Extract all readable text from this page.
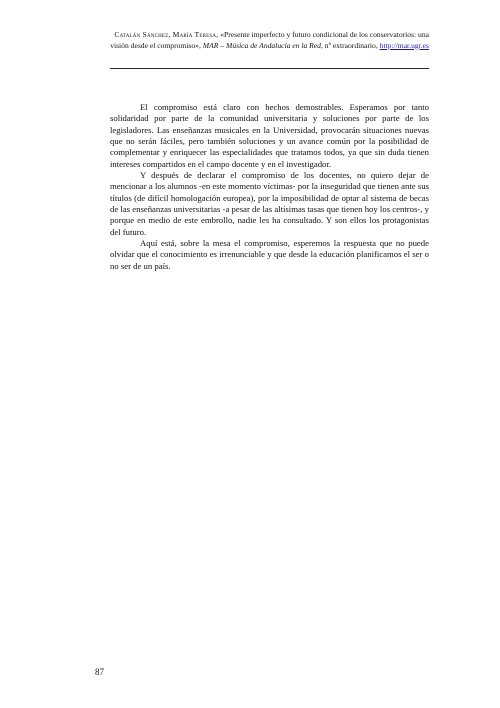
Catalán Sánchez, María Teresa, «Presente imperfecto y futuro condicional de los conservatorios: una visión desde el compromiso», MAR – Música de Andalucía en la Red, nº extraordinario, http://mar.ugr.es

El compromiso está claro con hechos demostrables. Esperamos por tanto solidaridad por parte de la comunidad universitaria y soluciones por parte de los legisladores. Las enseñanzas musicales en la Universidad, provocarán situaciones nuevas que no serán fáciles, pero también soluciones y un avance común por la posibilidad de complementar y enriquecer las especialidades que tratamos todos, ya que sin duda tienen intereses compartidos en el campo docente y en el investigador.

Y después de declarar el compromiso de los docentes, no quiero dejar de mencionar a los alumnos -en este momento víctimas- por la inseguridad que tienen ante sus títulos (de difícil homologación europea), por la imposibilidad de optar al sistema de becas de las enseñanzas universitarias -a pesar de las altísimas tasas que tienen hoy los centros-, y porque en medio de este embrollo, nadie les ha consultado. Y son ellos los protagonistas del futuro.

Aquí está, sobre la mesa el compromiso, esperemos la respuesta que no puede olvidar que el conocimiento es irrenunciable y que desde la educación planificamos el ser o no ser de un país.

87
